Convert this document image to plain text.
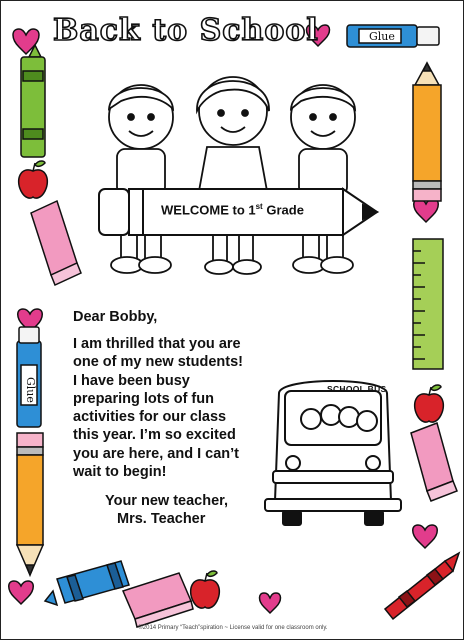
Back to School	Glue
Glue
WELCOME to 1st Grade
SCHOOL BUS
Dear Bobby,
I am thrilled that you are
one of my new students!
I have been busy
preparing lots of fun
activities for our class
this year. I’m so excited
you are here, and I can’t
wait to begin!
Your new teacher,
Mrs. Teacher
©2014 Primary “Teach”spiration ~ License valid for one classroom only.
